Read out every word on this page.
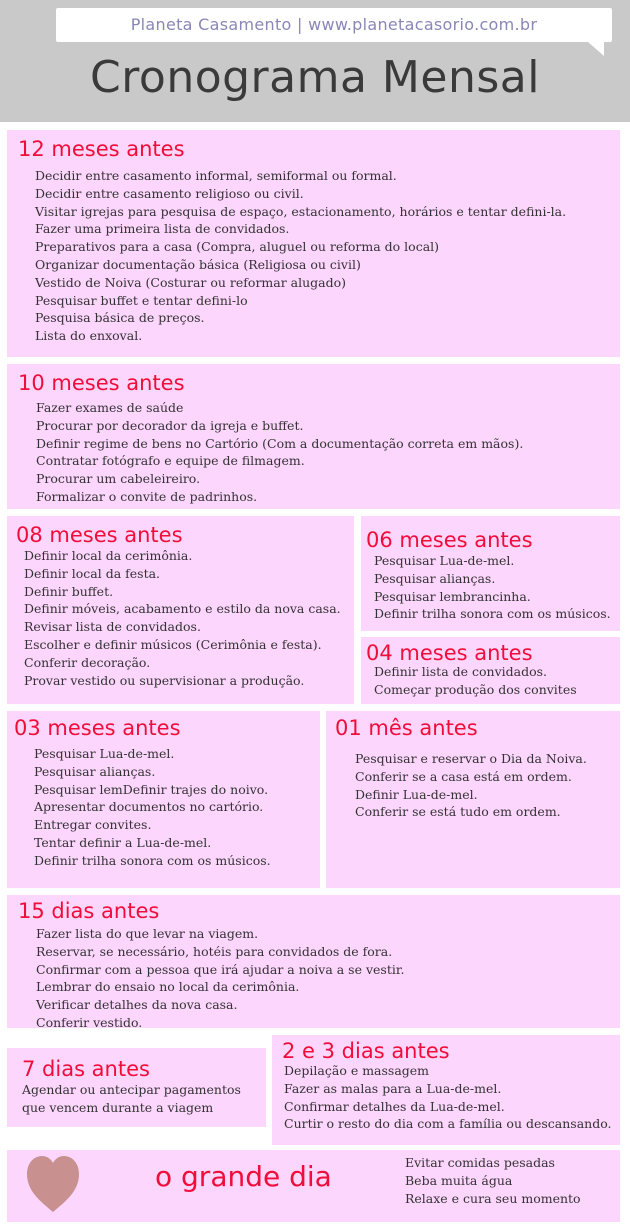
Planeta Casamento | www.planetacasorio.com.br
Cronograma Mensal
12 meses antes
Decidir entre casamento informal, semiformal ou formal.
Decidir entre casamento religioso ou civil.
Visitar igrejas para pesquisa de espaço, estacionamento, horários e tentar defini-la.
Fazer uma primeira lista de convidados.
Preparativos para a casa (Compra, aluguel ou reforma do local)
Organizar documentação básica (Religiosa ou civil)
Vestido de Noiva (Costurar ou reformar alugado)
Pesquisar buffet e tentar defini-lo
Pesquisa básica de preços.
Lista do enxoval.
10 meses antes
Fazer exames de saúde
Procurar por decorador da igreja e buffet.
Definir regime de bens no Cartório (Com a documentação correta em mãos).
Contratar fotógrafo e equipe de filmagem.
Procurar um cabeleireiro.
Formalizar o convite de padrinhos.
08 meses antes
Definir local da cerimônia.
Definir local da festa.
Definir buffet.
Definir móveis, acabamento e estilo da nova casa.
Revisar lista de convidados.
Escolher e definir músicos (Cerimônia e festa).
Conferir decoração.
Provar vestido ou supervisionar a produção.
06 meses antes
Pesquisar Lua-de-mel.
Pesquisar alianças.
Pesquisar lembrancinha.
Definir trilha sonora com os músicos.
04 meses antes
Definir lista de convidados.
Começar produção dos convites
03 meses antes
Pesquisar Lua-de-mel.
Pesquisar alianças.
Pesquisar lemDefinir trajes do noivo.
Apresentar documentos no cartório.
Entregar convites.
Tentar definir a Lua-de-mel.
Definir trilha sonora com os músicos.
01 mês antes
Pesquisar e reservar o Dia da Noiva.
Conferir se a casa está em ordem.
Definir Lua-de-mel.
Conferir se está tudo em ordem.
15 dias antes
Fazer lista do que levar na viagem.
Reservar, se necessário, hotéis para convidados de fora.
Confirmar com a pessoa que irá ajudar a noiva a se vestir.
Lembrar do ensaio no local da cerimônia.
Verificar detalhes da nova casa.
Conferir vestido.
7 dias antes
Agendar ou antecipar pagamentos
que vencem durante a viagem
2 e 3 dias antes
Depilação e massagem
Fazer as malas para a Lua-de-mel.
Confirmar detalhes da Lua-de-mel.
Curtir o resto do dia com a família ou descansando.
Evitar comidas pesadas
Beba muita água
Relaxe e cura seu momento
o grande dia
